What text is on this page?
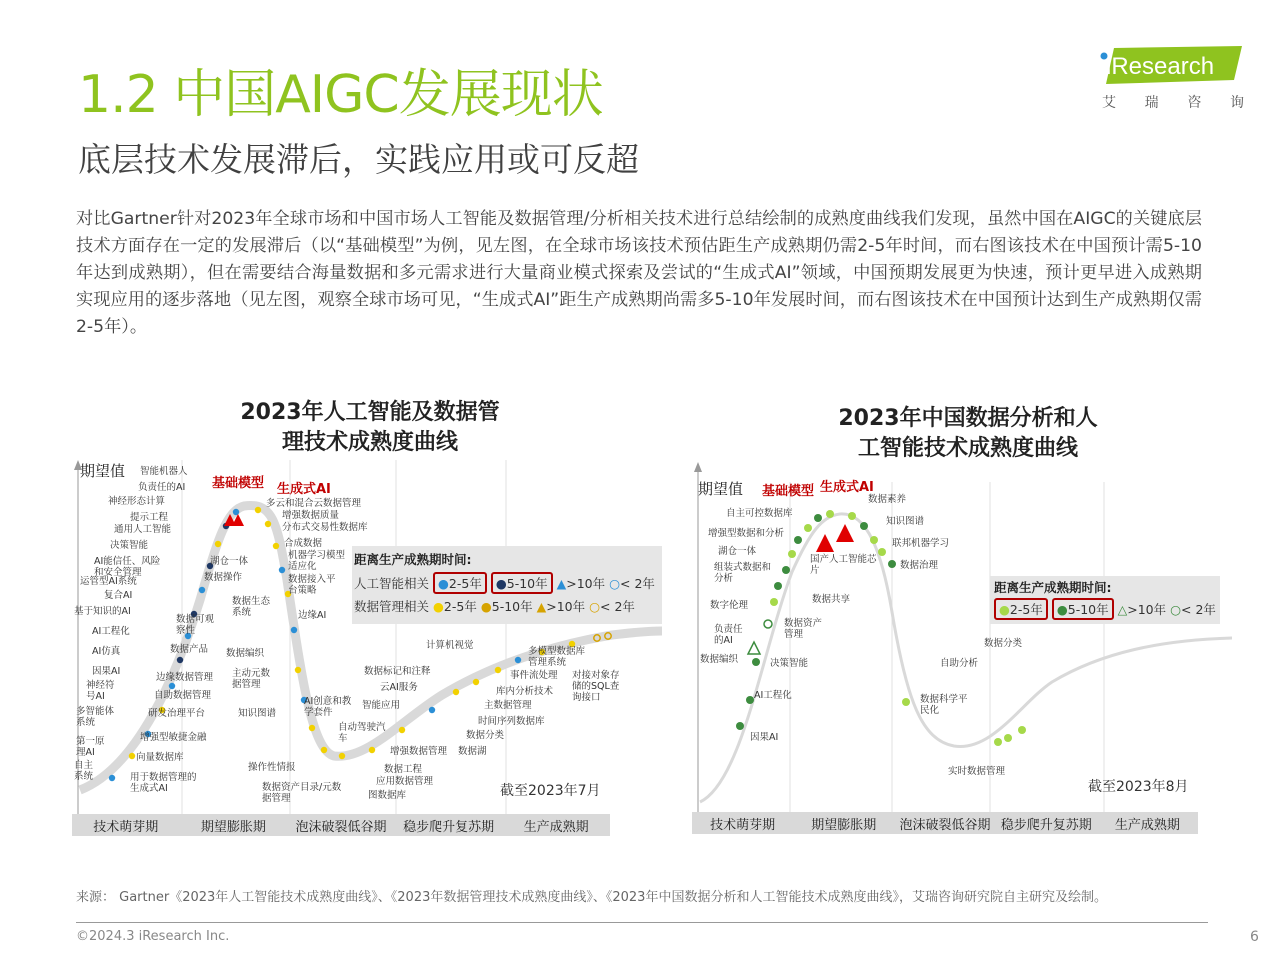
1.2 中国AIGC发展现状
底层技术发展滞后，实践应用或可反超
iResearch
艾 瑞 咨 询
对比Gartner针对2023年全球市场和中国市场人工智能及数据管理/分析相关技术进行总结绘制的成熟度曲线我们发现，虽然中国在AIGC的关键底层技术方面存在一定的发展滞后（以“基础模型”为例，见左图，在全球市场该技术预估距生产成熟期仍需2-5年时间，而右图该技术在中国预计需5-10年达到成熟期），但在需要结合海量数据和多元需求进行大量商业模式探索及尝试的“生成式AI”领域，中国预期发展更为快速，预计更早进入成熟期实现应用的逐步落地（见左图，观察全球市场可见，“生成式AI”距生产成熟期尚需多5-10年发展时间，而右图该技术在中国预计达到生产成熟期仅需2-5年）。
2023年人工智能及数据管
理技术成熟度曲线
期望值
基础模型 生成式AI
智能机器人
负责任的AI
神经形态计算
提示工程
通用人工智能
决策智能
AI能信任、风险和安全管理
运管型AI系统
复合AI
基于知识的AI
AI工程化
AI仿真
因果AI
神经符号AI
多智能体系统
第一原理AI
自主系统
多云和混合云数据管理
增强数据质量
分布式交易性数据库
合成数据
湖仓一体
数据操作
机器学习模型适应化
数据接入平台策略
数据生态系统	边缘AI
数据可观察性
数据产品 数据编织
主动元数据管理
知识图谱
边缘数据管理
自助数据管理
研发治理平台
增强型敏捷金融
向量数据库
用于数据管理的生成式AI
操作性情报
数据资产目录/元数据管理
AI创意和教学套件
自动驾驶汽车
增强数据管理
数据工程
应用数据管理
图数据库
数据湖
计算机视觉
数据标记和注释
云AI服务
智能应用
事件流处理
库内分析技术
主数据管理
时间序列数据库
数据分类
多模型数据库管理系统
对接对象存储的SQL查询接口
距离生产成熟期时间:
人工智能相关 ●2-5年 ●5-10年 ▲>10年 ○< 2年
数据管理相关 ●2-5年 ●5-10年 ▲>10年 ○< 2年
截至2023年7月
技术萌芽期	期望膨胀期	泡沫破裂低谷期	稳步爬升复苏期	生产成熟期
2023年中国数据分析和人
工智能技术成熟度曲线
期望值 基础模型 生成式AI
自主可控数据库
增强型数据和分析
湖仓一体
组装式数据和分析
数字伦理
负责任的AI
数据编织
AI工程化
因果AI
数据素养
知识图谱
联邦机器学习
数据治理
国产人工智能芯片
数据共享
数据资产管理
决策智能
数据分类
自助分析
数据科学平民化
实时数据管理
距离生产成熟期时间:
●2-5年 ●5-10年 △>10年 ○< 2年
截至2023年8月
技术萌芽期	期望膨胀期	泡沫破裂低谷期 稳步爬升复苏期	生产成熟期
来源： Gartner《2023年人工智能技术成熟度曲线》、《2023年数据管理技术成熟度曲线》、《2023年中国数据分析和人工智能技术成熟度曲线》，艾瑞咨询研究院自主研究及绘制。
©2024.3 iResearch Inc.	6
